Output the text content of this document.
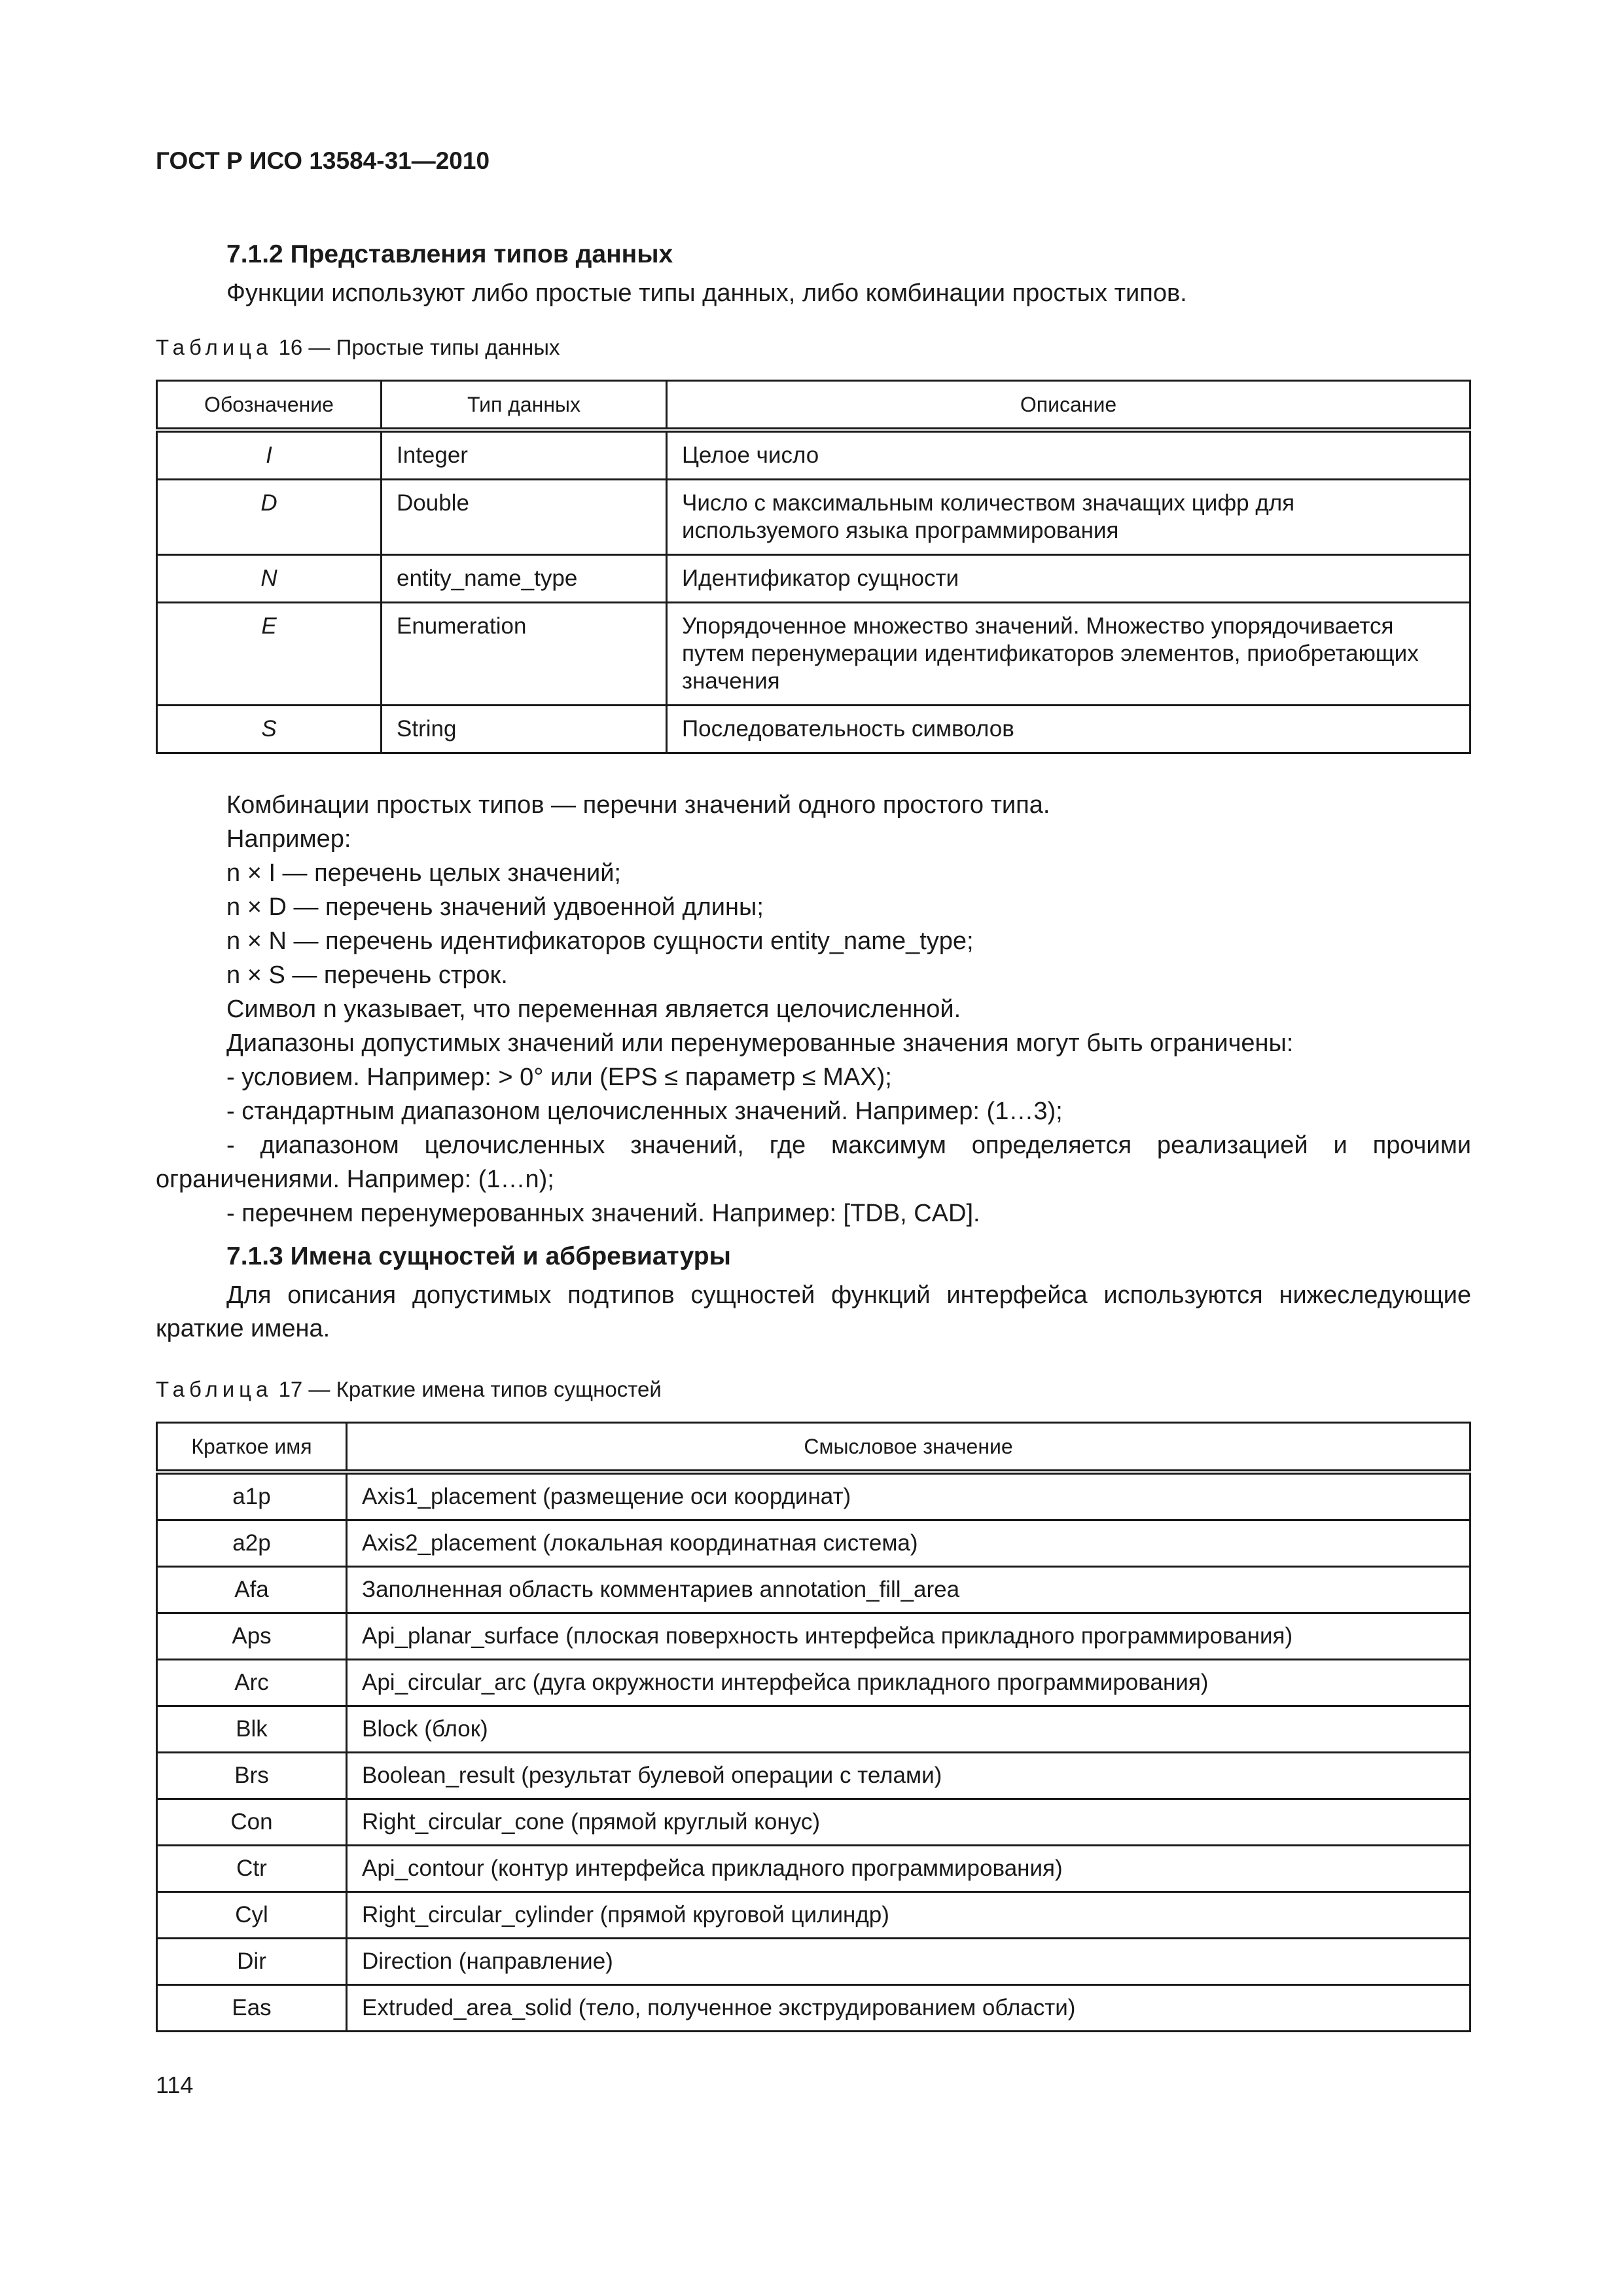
ГОСТ Р ИСО 13584-31—2010
7.1.2 Представления типов данных

Функции используют либо простые типы данных, либо комбинации простых типов.

Таблица 16 — Простые типы данных
Обозначение	Тип данных	Описание
I	Integer	Целое число
D	Double	Число с максимальным количеством значащих цифр для используемого языка программирования
N	entity_name_type	Идентификатор сущности
E	Enumeration	Упорядоченное множество значений. Множество упорядочивается путем перенумерации идентификаторов элементов, приобретающих значения
S	String	Последовательность символов
Комбинации простых типов — перечни значений одного простого типа.
Например:
n × I — перечень целых значений;
n × D — перечень значений удвоенной длины;
n × N — перечень идентификаторов сущности entity_name_type;
n × S — перечень строк.
Символ n указывает, что переменная является целочисленной.
Диапазоны допустимых значений или перенумерованные значения могут быть ограничены:
- условием. Например: > 0° или (EPS ≤ параметр ≤ MAX);
- стандартным диапазоном целочисленных значений. Например: (1…3);
- диапазоном целочисленных значений, где максимум определяется реализацией и прочими ограничениями. Например: (1…n);
- перечнем перенумерованных значений. Например: [TDB, CAD].
7.1.3 Имена сущностей и аббревиатуры

Для описания допустимых подтипов сущностей функций интерфейса используются нижеследующие краткие имена.

Таблица 17 — Краткие имена типов сущностей
Краткое имя	Смысловое значение
a1p	Axis1_placement (размещение оси координат)
a2p	Axis2_placement (локальная координатная система)
Afa	Заполненная область комментариев annotation_fill_area
Aps	Api_planar_surface (плоская поверхность интерфейса прикладного программирования)
Arc	Api_circular_arc (дуга окружности интерфейса прикладного программирования)
Blk	Block (блок)
Brs	Boolean_result (результат булевой операции с телами)
Con	Right_circular_cone (прямой круглый конус)
Ctr	Api_contour (контур интерфейса прикладного программирования)
Cyl	Right_circular_cylinder (прямой круговой цилиндр)
Dir	Direction (направление)
Eas	Extruded_area_solid (тело, полученное экструдированием области)
114
